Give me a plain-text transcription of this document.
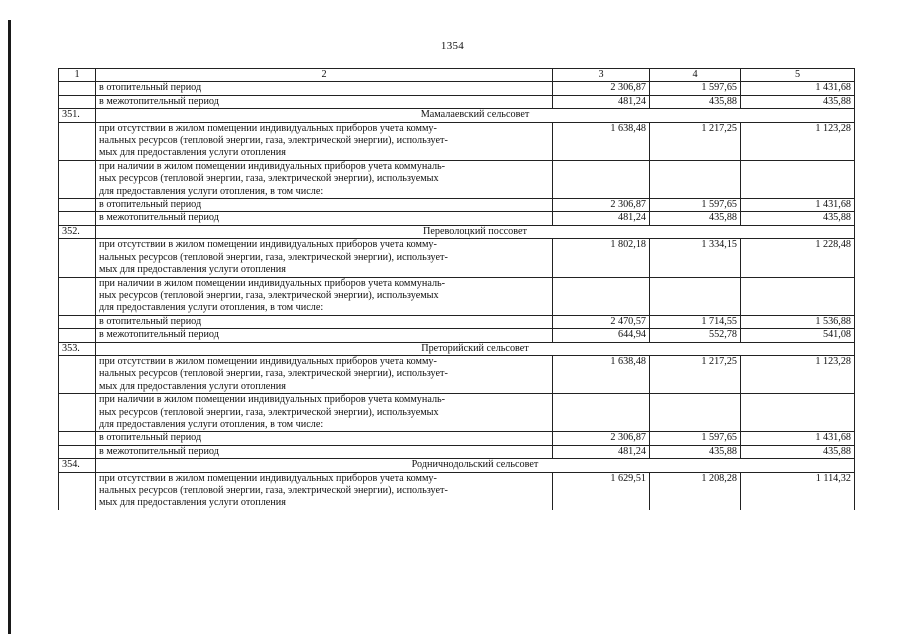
1354
1	2	3	4	5

	в отопительный период	2 306,87	1 597,65	1 431,68

	в межотопительный период	481,24	435,88	435,88
351.	Мамалаевский сельсовет			

	при отсутствии в жилом помещении индивидуальных приборов учета комму-
нальных ресурсов (тепловой энергии, газа, электрической энергии), использует-
мых для предоставления услуги отопления	1 638,48	1 217,25	1 123,28

	при наличии в жилом помещении индивидуальных приборов учета коммуналь-
ных ресурсов (тепловой энергии, газа, электрической энергии), используемых
для предоставления услуги отопления, в том числе:			

	в отопительный период	2 306,87	1 597,65	1 431,68

	в межотопительный период	481,24	435,88	435,88
352.	Переволоцкий поссовет			

	при отсутствии в жилом помещении индивидуальных приборов учета комму-
нальных ресурсов (тепловой энергии, газа, электрической энергии), использует-
мых для предоставления услуги отопления	1 802,18	1 334,15	1 228,48

	при наличии в жилом помещении индивидуальных приборов учета коммуналь-
ных ресурсов (тепловой энергии, газа, электрической энергии), используемых
для предоставления услуги отопления, в том числе:			

	в отопительный период	2 470,57	1 714,55	1 536,88

	в межотопительный период	644,94	552,78	541,08
353.	Преторийский сельсовет			

	при отсутствии в жилом помещении индивидуальных приборов учета комму-
нальных ресурсов (тепловой энергии, газа, электрической энергии), использует-
мых для предоставления услуги отопления	1 638,48	1 217,25	1 123,28

	при наличии в жилом помещении индивидуальных приборов учета коммуналь-
ных ресурсов (тепловой энергии, газа, электрической энергии), используемых
для предоставления услуги отопления, в том числе:			

	в отопительный период	2 306,87	1 597,65	1 431,68

	в межотопительный период	481,24	435,88	435,88
354.	Родничнодольский сельсовет			

	при отсутствии в жилом помещении индивидуальных приборов учета комму-
нальных ресурсов (тепловой энергии, газа, электрической энергии), использует-
мых для предоставления услуги отопления	1 629,51	1 208,28	1 114,32
